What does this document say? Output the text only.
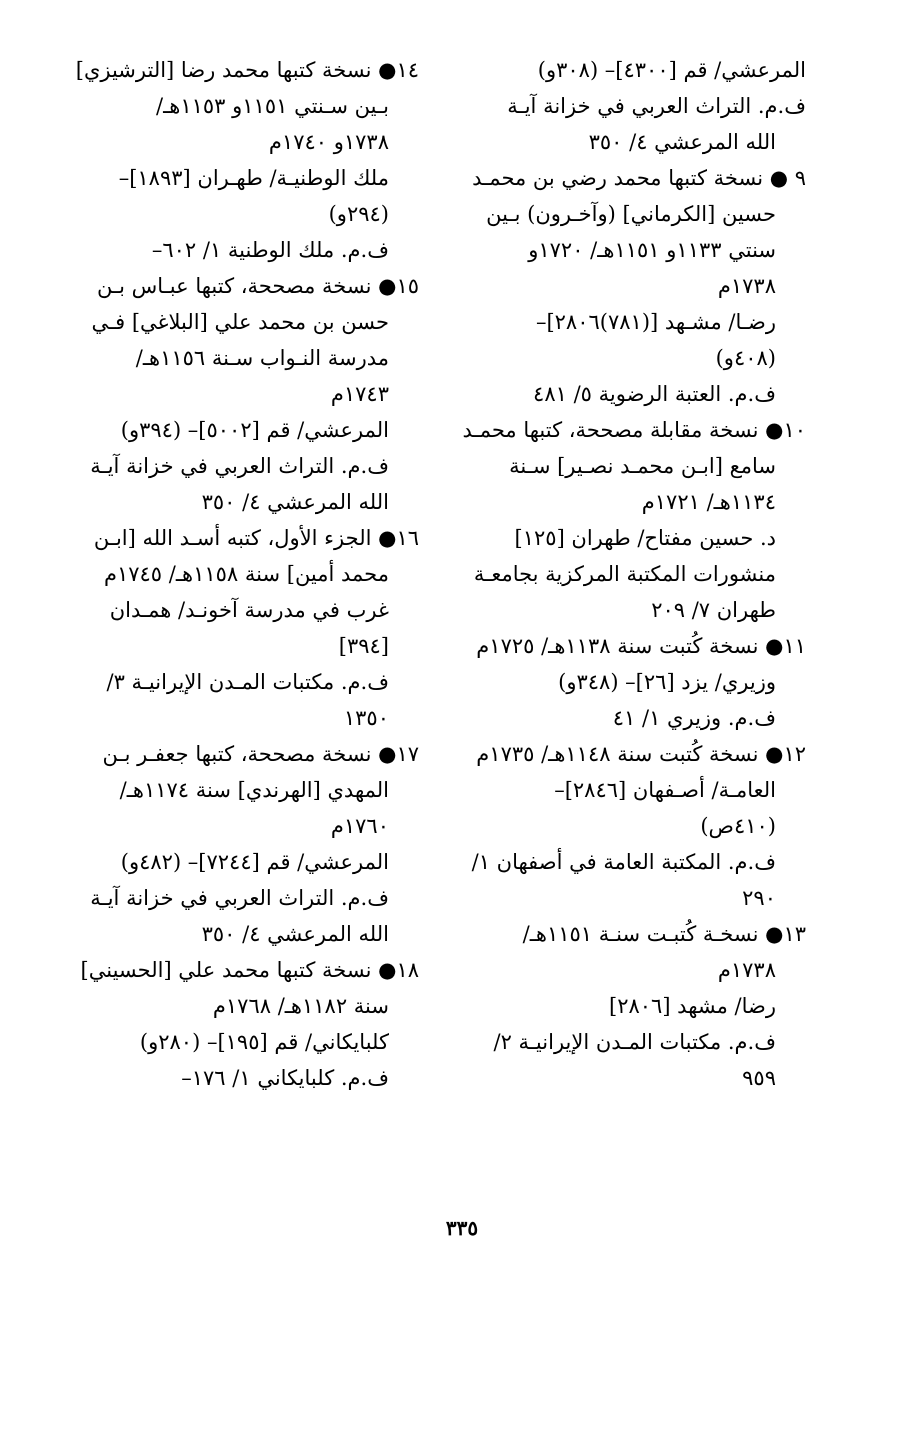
المرعشي/ قم [٤٣٠٠]– (٣٠٨و)
ف.م. التراث العربي في خزانة آيـة
الله المرعشي ٤/ ٣٥٠
٩ ● نسخة كتبها محمد رضي بن محمـد
حسين [الكرماني] (وآخـرون) بـين
سنتي ١١٣٣و ١١٥١هـ/ ١٧٢٠و
١٧٣٨م
رضـا/ مشـهد [(٧٨١)٢٨٠٦]–
(٤٠٨و)
ف.م. العتبة الرضوية ٥/ ٤٨١
١٠● نسخة مقابلة مصححة، كتبها محمـد
سامع [ابـن محمـد نصـير] سـنة
١١٣٤هـ/ ١٧٢١م
د. حسين مفتاح/ طهران [١٢٥]
منشورات المكتبة المركزية بجامعـة
طهران ٧/ ٢٠٩
١١● نسخة كُتبت سنة ١١٣٨هـ/ ١٧٢٥م
وزيري/ يزد [٢٦]– (٣٤٨و)
ف.م. وزيري ١/ ٤١
١٢● نسخة كُتبت سنة ١١٤٨هـ/ ١٧٣٥م
العامـة/ أصـفهان [٢٨٤٦]–
(٤١٠ص)
ف.م. المكتبة العامة في أصفهان ١/
٢٩٠
١٣● نسخـة كُتبـت سنـة ١١٥١هـ/
١٧٣٨م
رضا/ مشهد [٢٨٠٦]
ف.م. مكتبات المـدن الإيرانيـة ٢/
٩٥٩
١٤● نسخة كتبها محمد رضا [الترشيزي]
بـين سـنتي ١١٥١و ١١٥٣هـ/
١٧٣٨و ١٧٤٠م
ملك الوطنيـة/ طهـران [١٨٩٣]–
(٢٩٤و)
ف.م. ملك الوطنية ١/ ٦٠٢–
١٥● نسخة مصححة، كتبها عبـاس بـن
حسن بن محمد علي [البلاغي] فـي
مدرسة النـواب سـنة ١١٥٦هـ/
١٧٤٣م
المرعشي/ قم [٥٠٠٢]– (٣٩٤و)
ف.م. التراث العربي في خزانة آيـة
الله المرعشي ٤/ ٣٥٠
١٦● الجزء الأول، كتبه أسـد الله [ابـن
محمد أمين] سنة ١١٥٨هـ/ ١٧٤٥م
غرب في مدرسة آخونـد/ همـدان
[٣٩٤]
ف.م. مكتبات المـدن الإيرانيـة ٣/
١٣٥٠
١٧● نسخة مصححة، كتبها جعفـر بـن
المهدي [الهرندي] سنة ١١٧٤هـ/
١٧٦٠م
المرعشي/ قم [٧٢٤٤]– (٤٨٢و)
ف.م. التراث العربي في خزانة آيـة
الله المرعشي ٤/ ٣٥٠
١٨● نسخة كتبها محمد علي [الحسيني]
سنة ١١٨٢هـ/ ١٧٦٨م
كلبايكاني/ قم [١٩٥]– (٢٨٠و)
ف.م. كلبايكاني ١/ ١٧٦–
٣٣٥
